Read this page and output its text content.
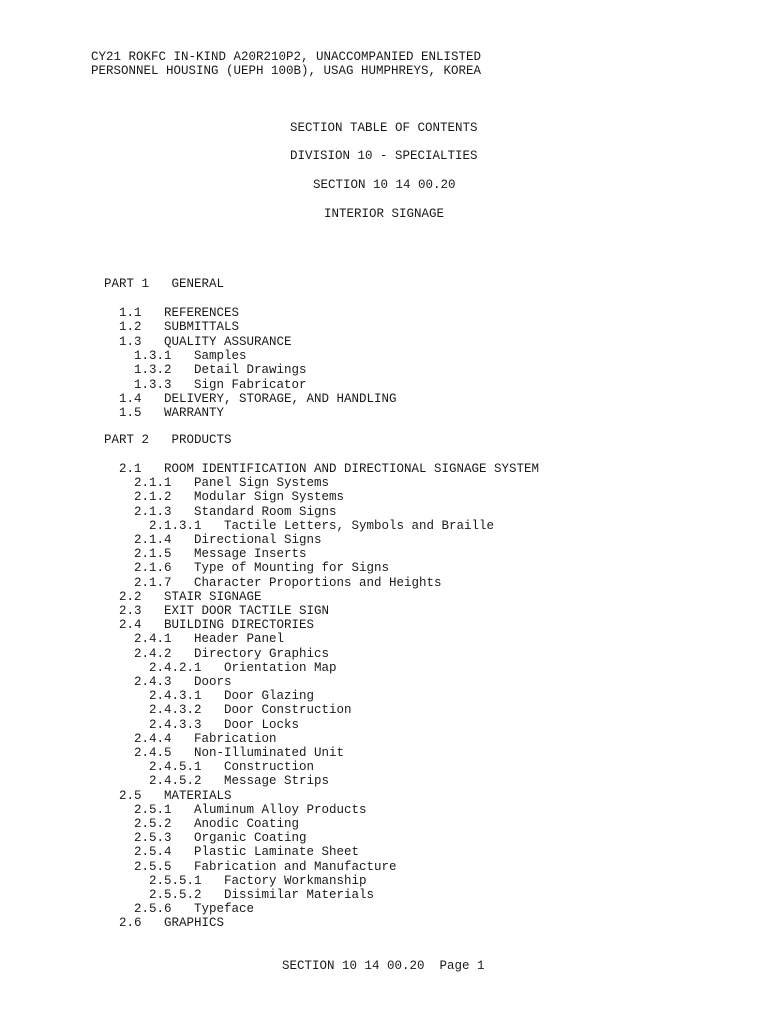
CY21 ROKFC IN-KIND A20R210P2, UNACCOMPANIED ENLISTED
PERSONNEL HOUSING (UEPH 100B), USAG HUMPHREYS, KOREA
SECTION TABLE OF CONTENTS
DIVISION 10 - SPECIALTIES
SECTION 10 14 00.20
INTERIOR SIGNAGE
PART 1 GENERAL
1.1 REFERENCES
1.2 SUBMITTALS
1.3 QUALITY ASSURANCE
1.3.1 Samples
1.3.2 Detail Drawings
1.3.3 Sign Fabricator
1.4 DELIVERY, STORAGE, AND HANDLING
1.5 WARRANTY
PART 2 PRODUCTS
2.1 ROOM IDENTIFICATION AND DIRECTIONAL SIGNAGE SYSTEM
2.1.1 Panel Sign Systems
2.1.2 Modular Sign Systems
2.1.3 Standard Room Signs
2.1.3.1 Tactile Letters, Symbols and Braille
2.1.4 Directional Signs
2.1.5 Message Inserts
2.1.6 Type of Mounting for Signs
2.1.7 Character Proportions and Heights
2.2 STAIR SIGNAGE
2.3 EXIT DOOR TACTILE SIGN
2.4 BUILDING DIRECTORIES
2.4.1 Header Panel
2.4.2 Directory Graphics
2.4.2.1 Orientation Map
2.4.3 Doors
2.4.3.1 Door Glazing
2.4.3.2 Door Construction
2.4.3.3 Door Locks
2.4.4 Fabrication
2.4.5 Non-Illuminated Unit
2.4.5.1 Construction
2.4.5.2 Message Strips
2.5 MATERIALS
2.5.1 Aluminum Alloy Products
2.5.2 Anodic Coating
2.5.3 Organic Coating
2.5.4 Plastic Laminate Sheet
2.5.5 Fabrication and Manufacture
2.5.5.1 Factory Workmanship
2.5.5.2 Dissimilar Materials
2.5.6 Typeface
2.6 GRAPHICS
SECTION 10 14 00.20  Page 1
